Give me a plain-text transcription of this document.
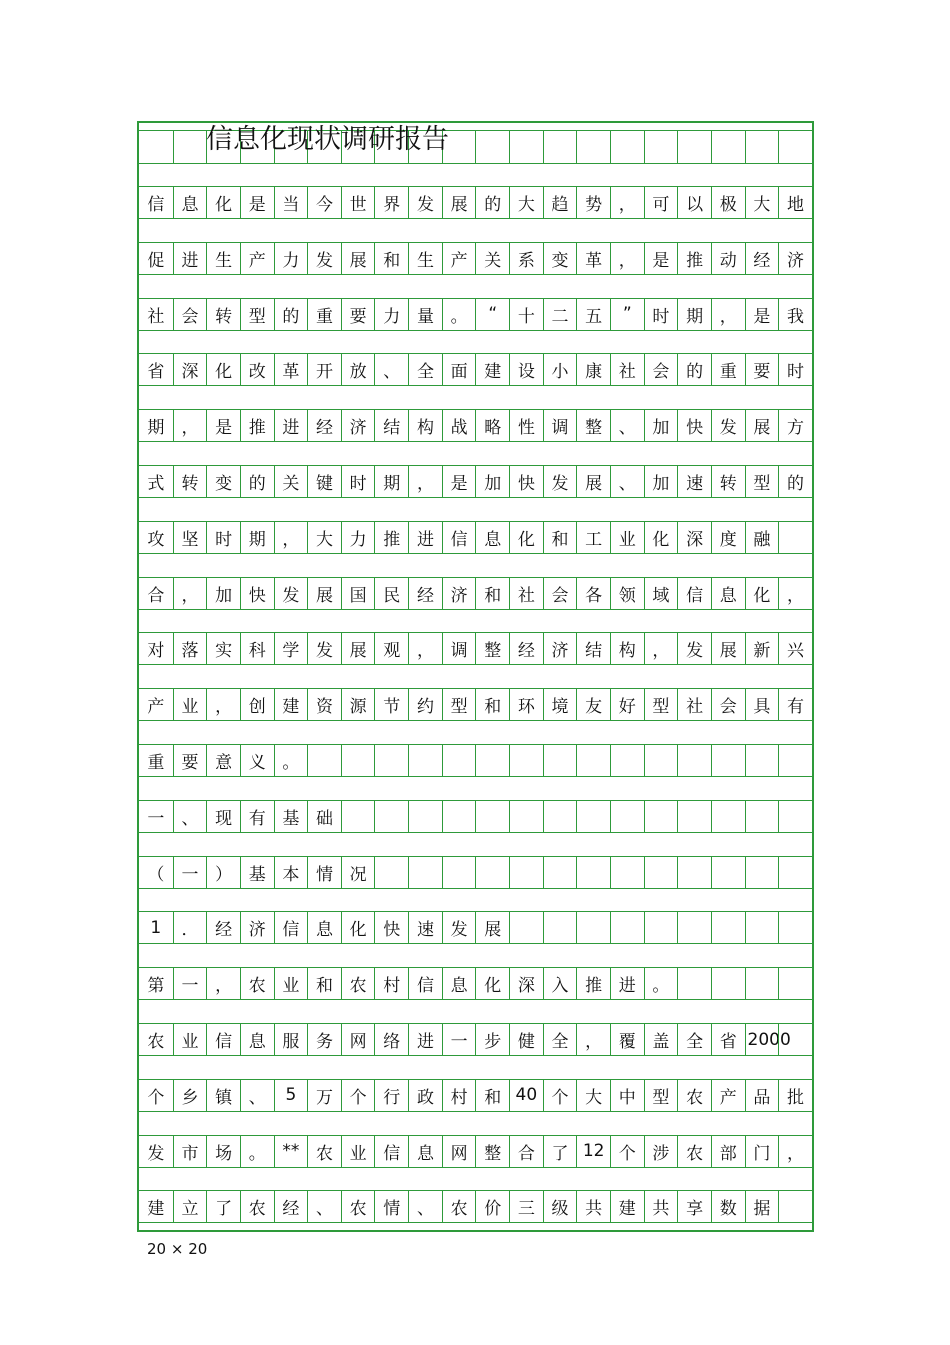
信息化现状调研报告
信	息 化 是 当 今 世 界 发 展 的 大 趋 势 ， 可 以 极 大 地
促	进 生 产 力 发 展 和 生 产 关 系 变 革 ， 是 推 动 经 济
社	会 转 型 的 重 要 力 量 。	“	十 二 五	”	时 期 ， 是 我
省	深 化 改 革 开 放 、 全 面 建 设 小 康 社 会 的 重 要 时
期	， 是 推 进 经 济 结 构 战 略 性 调 整 、 加 快 发 展 方
式	转 变 的 关 键 时 期 ， 是 加 快 发 展 、 加 速 转 型 的
攻	坚 时 期 ， 大 力 推 进 信 息 化 和 工 业 化 深 度 融
合	， 加 快 发 展 国 民 经 济 和 社 会 各 领 域 信 息 化 ，
对	落 实 科 学 发 展 观 ， 调 整 经 济 结 构 ， 发 展 新 兴
产	业 ， 创 建 资 源 节 约 型 和 环 境 友 好 型 社 会 具 有
重	要 意 义 。
一	、 现 有 基 础
（	一 ） 基 本 情 况
1	． 经 济 信 息 化 快 速 发 展
第	一 ， 农 业 和 农 村 信 息 化 深 入 推 进 。
农	业 信 息 服 务 网 络 进 一 步 健 全 ， 覆 盖 全 省 2000
个	乡 镇 、	5	万 个 行 政 村 和 40 个 大 中 型 农 产 品 批
发	市 场 。 ** 农 业 信 息 网 整 合 了 12 个 涉 农 部 门 ，
建	立 了 农 经 、 农 情 、 农 价 三 级 共 建 共 享 数 据
20 × 20
